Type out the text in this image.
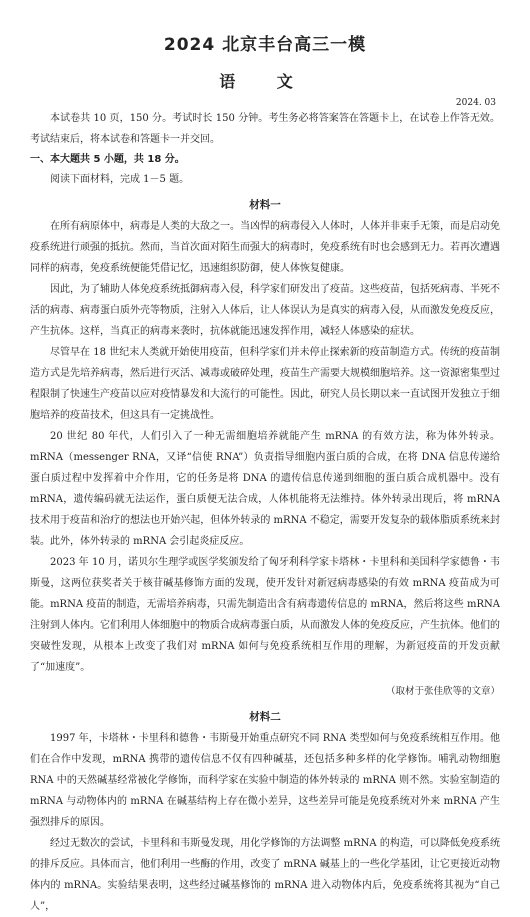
2024 北京丰台高三一模
语 文
2024. 03

本试卷共 10 页，150 分。考试时长 150 分钟。考生务必将答案答在答题卡上，在试卷上作答无效。考试结束后，将本试卷和答题卡一并交回。

一、本大题共 5 小题，共 18 分。

阅读下面材料，完成 1－5 题。

材料一

在所有病原体中，病毒是人类的大敌之一。当凶悍的病毒侵入人体时，人体并非束手无策，而是启动免疫系统进行顽强的抵抗。然而，当首次面对陌生而强大的病毒时，免疫系统有时也会感到无力。若再次遭遇同样的病毒，免疫系统便能凭借记忆，迅速组织防御，使人体恢复健康。

因此，为了辅助人体免疫系统抵御病毒入侵，科学家们研发出了疫苗。这些疫苗，包括死病毒、半死不活的病毒、病毒蛋白质外壳等物质，注射入人体后，让人体误认为是真实的病毒入侵，从而激发免疫反应，产生抗体。这样，当真正的病毒来袭时，抗体就能迅速发挥作用，减轻人体感染的症状。

尽管早在 18 世纪末人类就开始使用疫苗，但科学家们并未停止探索新的疫苗制造方式。传统的疫苗制造方式是先培养病毒，然后进行灭活、减毒或破碎处理，疫苗生产需要大规模细胞培养。这一资源密集型过程限制了快速生产疫苗以应对疫情暴发和大流行的可能性。因此，研究人员长期以来一直试图开发独立于细胞培养的疫苗技术，但这具有一定挑战性。

20 世纪 80 年代，人们引入了一种无需细胞培养就能产生 mRNA 的有效方法，称为体外转录。mRNA（messenger RNA，又译“信使 RNA”）负责指导细胞内蛋白质的合成，在将 DNA 信息传递给蛋白质过程中发挥着中介作用，它的任务是将 DNA 的遗传信息传递到细胞的蛋白质合成机器中。没有 mRNA，遗传编码就无法运作，蛋白质便无法合成，人体机能将无法维持。体外转录出现后，将 mRNA 技术用于疫苗和治疗的想法也开始兴起，但体外转录的 mRNA 不稳定，需要开发复杂的载体脂质系统来封装。此外，体外转录的 mRNA 会引起炎症反应。

2023 年 10 月，诺贝尔生理学或医学奖颁发给了匈牙利科学家卡塔林・卡里科和美国科学家德鲁・韦斯曼，这两位获奖者关于核苷碱基修饰方面的发现，使开发针对新冠病毒感染的有效 mRNA 疫苗成为可能。mRNA 疫苗的制造，无需培养病毒，只需先制造出含有病毒遗传信息的 mRNA，然后将这些 mRNA 注射到人体内。它们利用人体细胞中的物质合成病毒蛋白质，从而激发人体的免疫反应，产生抗体。他们的突破性发现，从根本上改变了我们对 mRNA 如何与免疫系统相互作用的理解，为新冠疫苗的开发贡献了“加速度”。

（取材于张佳欣等的文章）
材料二

1997 年，卡塔林・卡里科和德鲁・韦斯曼开始重点研究不同 RNA 类型如何与免疫系统相互作用。他们在合作中发现，mRNA 携带的遗传信息不仅有四种碱基，还包括多种多样的化学修饰。哺乳动物细胞 RNA 中的天然碱基经常被化学修饰，而科学家在实验中制造的体外转录的 mRNA 则不然。实验室制造的 mRNA 与动物体内的 mRNA 在碱基结构上存在微小差异，这些差异可能是免疫系统对外来 mRNA 产生强烈排斥的原因。

经过无数次的尝试，卡里科和韦斯曼发现，用化学修饰的方法调整 mRNA 的构造，可以降低免疫系统的排斥反应。具体而言，他们利用一些酶的作用，改变了 mRNA 碱基上的一些化学基团，让它更接近动物体内的 mRNA。实验结果表明，这些经过碱基修饰的 mRNA 进入动物体内后，免疫系统将其视为“自己人”，
